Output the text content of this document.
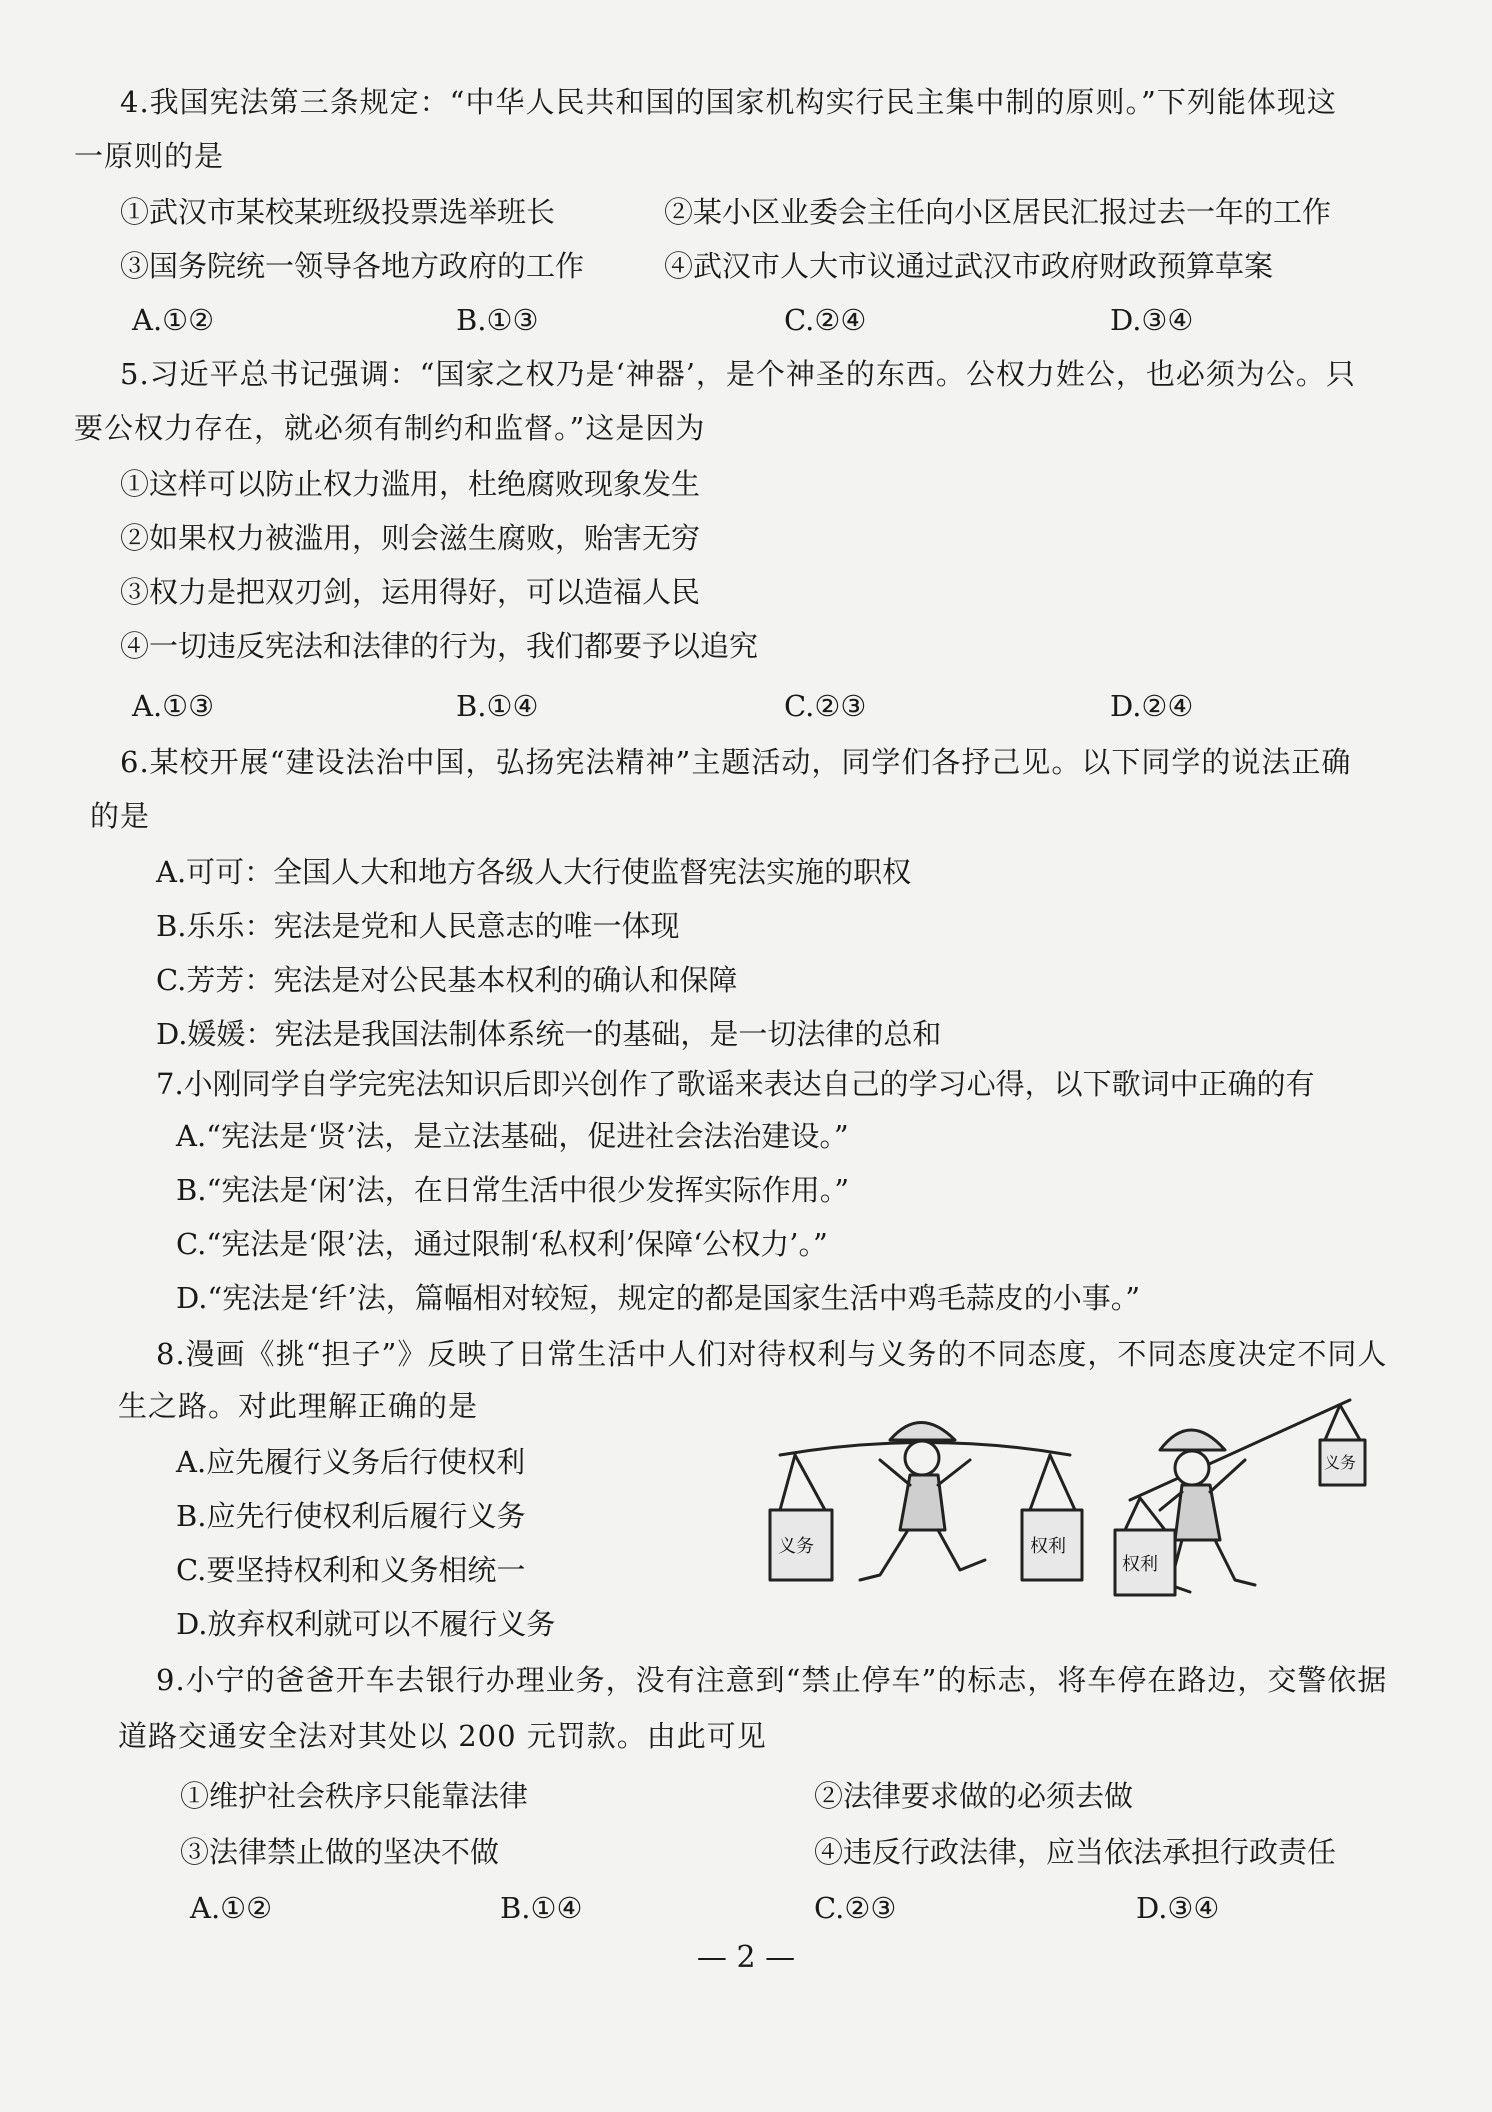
4.我国宪法第三条规定：“中华人民共和国的国家机构实行民主集中制的原则。”下列能体现这
一原则的是
①武汉市某校某班级投票选举班长	②某小区业委会主任向小区居民汇报过去一年的工作
③国务院统一领导各地方政府的工作	④武汉市人大市议通过武汉市政府财政预算草案
A.①②	B.①③	C.②④	D.③④
5.习近平总书记强调：“国家之权乃是‘神器’，是个神圣的东西。公权力姓公，也必须为公。只
要公权力存在，就必须有制约和监督。”这是因为
①这样可以防止权力滥用，杜绝腐败现象发生
②如果权力被滥用，则会滋生腐败，贻害无穷
③权力是把双刃剑，运用得好，可以造福人民
④一切违反宪法和法律的行为，我们都要予以追究
A.①③	B.①④	C.②③	D.②④
6.某校开展“建设法治中国，弘扬宪法精神”主题活动，同学们各抒己见。以下同学的说法正确
的是
A.可可：全国人大和地方各级人大行使监督宪法实施的职权
B.乐乐：宪法是党和人民意志的唯一体现
C.芳芳：宪法是对公民基本权利的确认和保障
D.媛媛：宪法是我国法制体系统一的基础，是一切法律的总和
7.小刚同学自学完宪法知识后即兴创作了歌谣来表达自己的学习心得，以下歌词中正确的有
A.“宪法是‘贤’法，是立法基础，促进社会法治建设。”
B.“宪法是‘闲’法，在日常生活中很少发挥实际作用。”
C.“宪法是‘限’法，通过限制‘私权利’保障‘公权力’。”
D.“宪法是‘纤’法，篇幅相对较短，规定的都是国家生活中鸡毛蒜皮的小事。”
8.漫画《挑“担子”》反映了日常生活中人们对待权利与义务的不同态度，不同态度决定不同人
生之路。对此理解正确的是
A.应先履行义务后行使权利
B.应先行使权利后履行义务
C.要坚持权利和义务相统一
D.放弃权利就可以不履行义务
义务	权利
权利
义务
9.小宁的爸爸开车去银行办理业务，没有注意到“禁止停车”的标志，将车停在路边，交警依据
道路交通安全法对其处以 200 元罚款。由此可见
①维护社会秩序只能靠法律	②法律要求做的必须去做
③法律禁止做的坚决不做	④违反行政法律，应当依法承担行政责任
A.①②	B.①④	C.②③	D.③④
— 2 —
